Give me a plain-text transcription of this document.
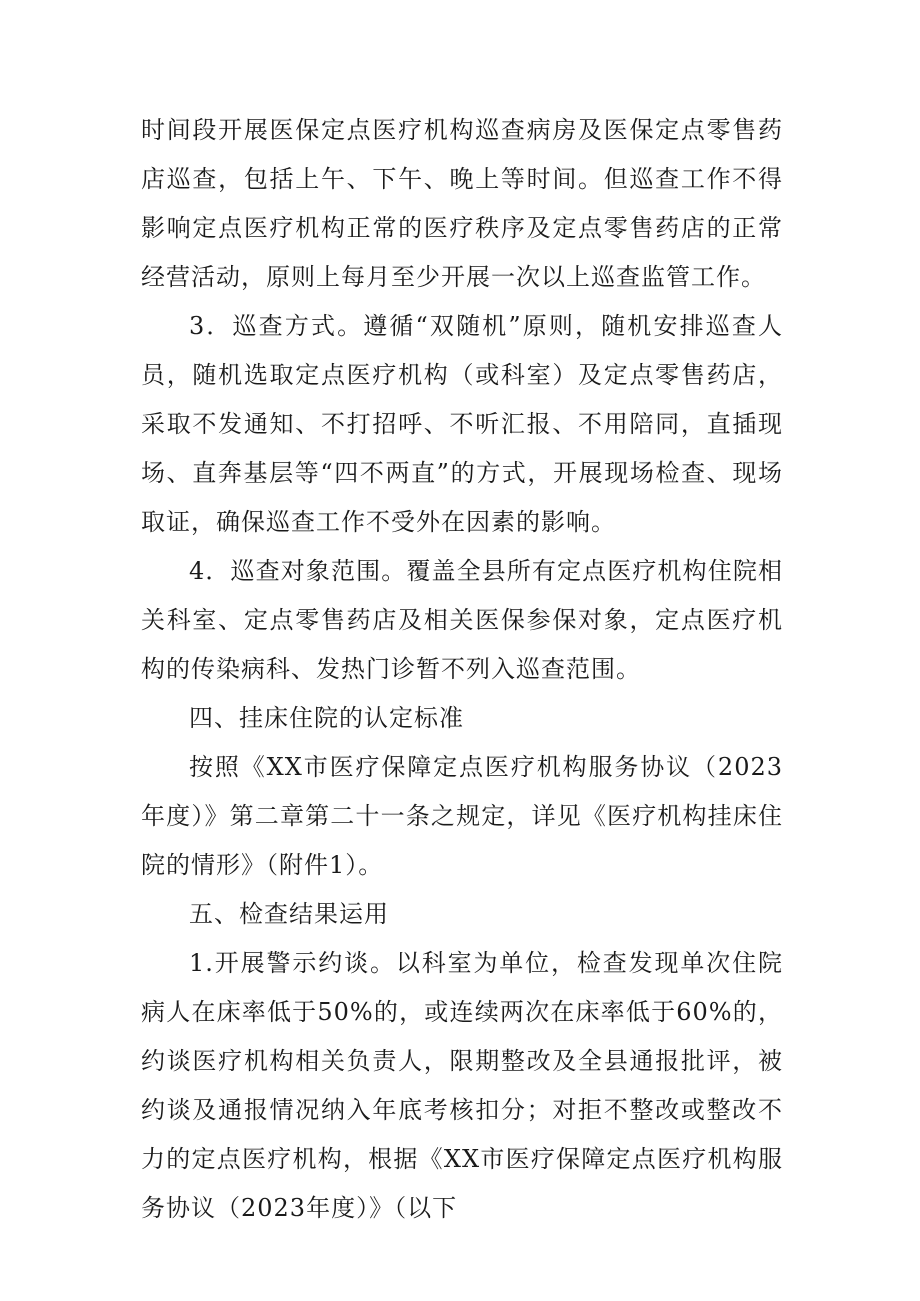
时间段开展医保定点医疗机构巡查病房及医保定点零售药店巡查，包括上午、下午、晚上等时间。但巡查工作不得影响定点医疗机构正常的医疗秩序及定点零售药店的正常经营活动，原则上每月至少开展一次以上巡查监管工作。

3．巡查方式。遵循“双随机”原则，随机安排巡查人员，随机选取定点医疗机构（或科室）及定点零售药店，采取不发通知、不打招呼、不听汇报、不用陪同，直插现场、直奔基层等“四不两直”的方式，开展现场检查、现场取证，确保巡查工作不受外在因素的影响。

4．巡查对象范围。覆盖全县所有定点医疗机构住院相关科室、定点零售药店及相关医保参保对象，定点医疗机构的传染病科、发热门诊暂不列入巡查范围。

四、挂床住院的认定标准

按照《XX市医疗保障定点医疗机构服务协议（2023年度）》第二章第二十一条之规定，详见《医疗机构挂床住院的情形》（附件1）。

五、检查结果运用

1.开展警示约谈。以科室为单位，检查发现单次住院病人在床率低于50%的，或连续两次在床率低于60%的，约谈医疗机构相关负责人，限期整改及全县通报批评，被约谈及通报情况纳入年底考核扣分；对拒不整改或整改不力的定点医疗机构，根据《XX市医疗保障定点医疗机构服务协议（2023年度）》（以下
